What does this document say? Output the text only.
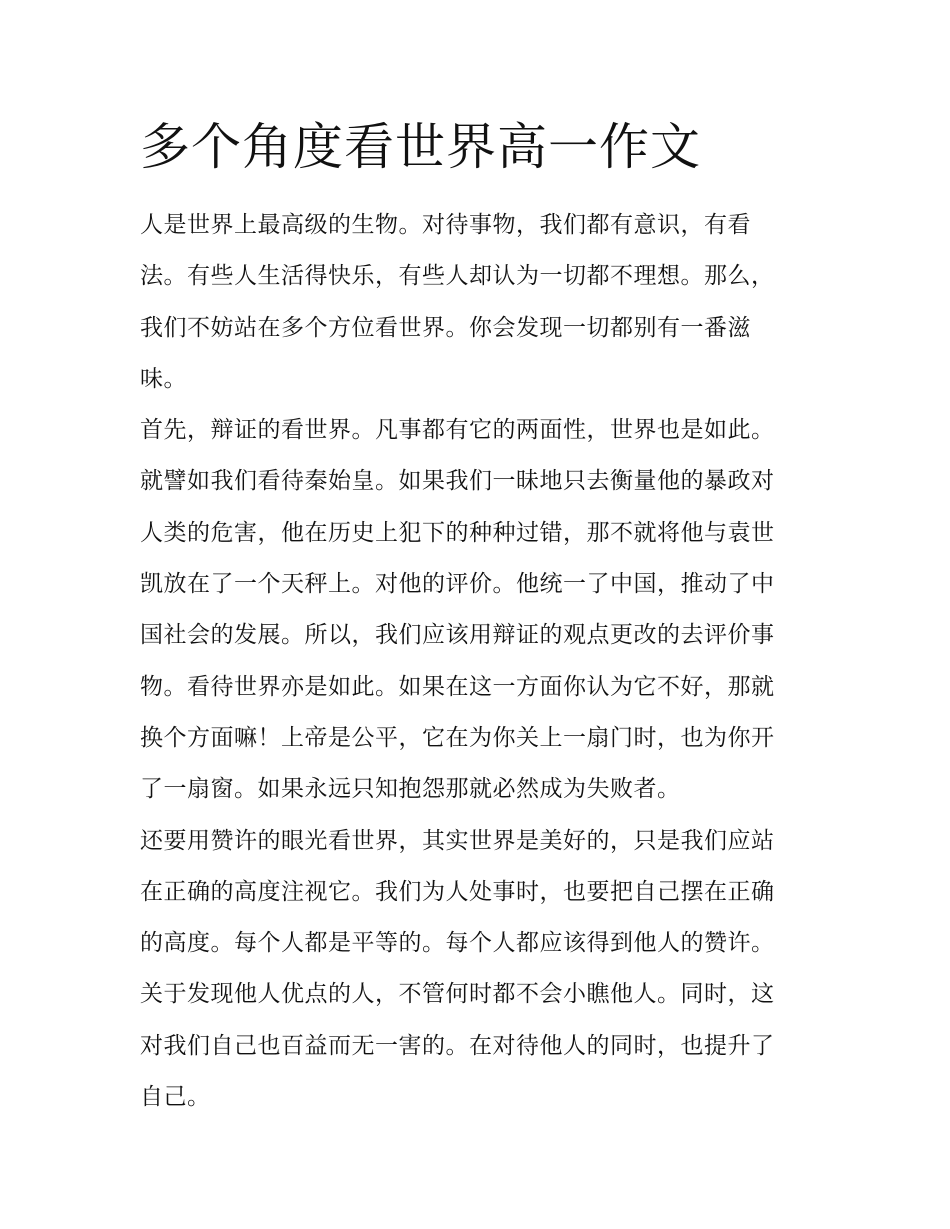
多个角度看世界高一作文

人是世界上最高级的生物。对待事物，我们都有意识，有看
法。有些人生活得快乐，有些人却认为一切都不理想。那么，
我们不妨站在多个方位看世界。你会发现一切都别有一番滋
味。

首先，辩证的看世界。凡事都有它的两面性，世界也是如此。
就譬如我们看待秦始皇。如果我们一昧地只去衡量他的暴政对
人类的危害，他在历史上犯下的种种过错，那不就将他与袁世
凯放在了一个天秤上。对他的评价。他统一了中国，推动了中
国社会的发展。所以，我们应该用辩证的观点更改的去评价事
物。看待世界亦是如此。如果在这一方面你认为它不好，那就
换个方面嘛！上帝是公平，它在为你关上一扇门时，也为你开
了一扇窗。如果永远只知抱怨那就必然成为失败者。

还要用赞许的眼光看世界，其实世界是美好的，只是我们应站
在正确的高度注视它。我们为人处事时，也要把自己摆在正确
的高度。每个人都是平等的。每个人都应该得到他人的赞许。
关于发现他人优点的人，不管何时都不会小瞧他人。同时，这
对我们自己也百益而无一害的。在对待他人的同时，也提升了
自己。
